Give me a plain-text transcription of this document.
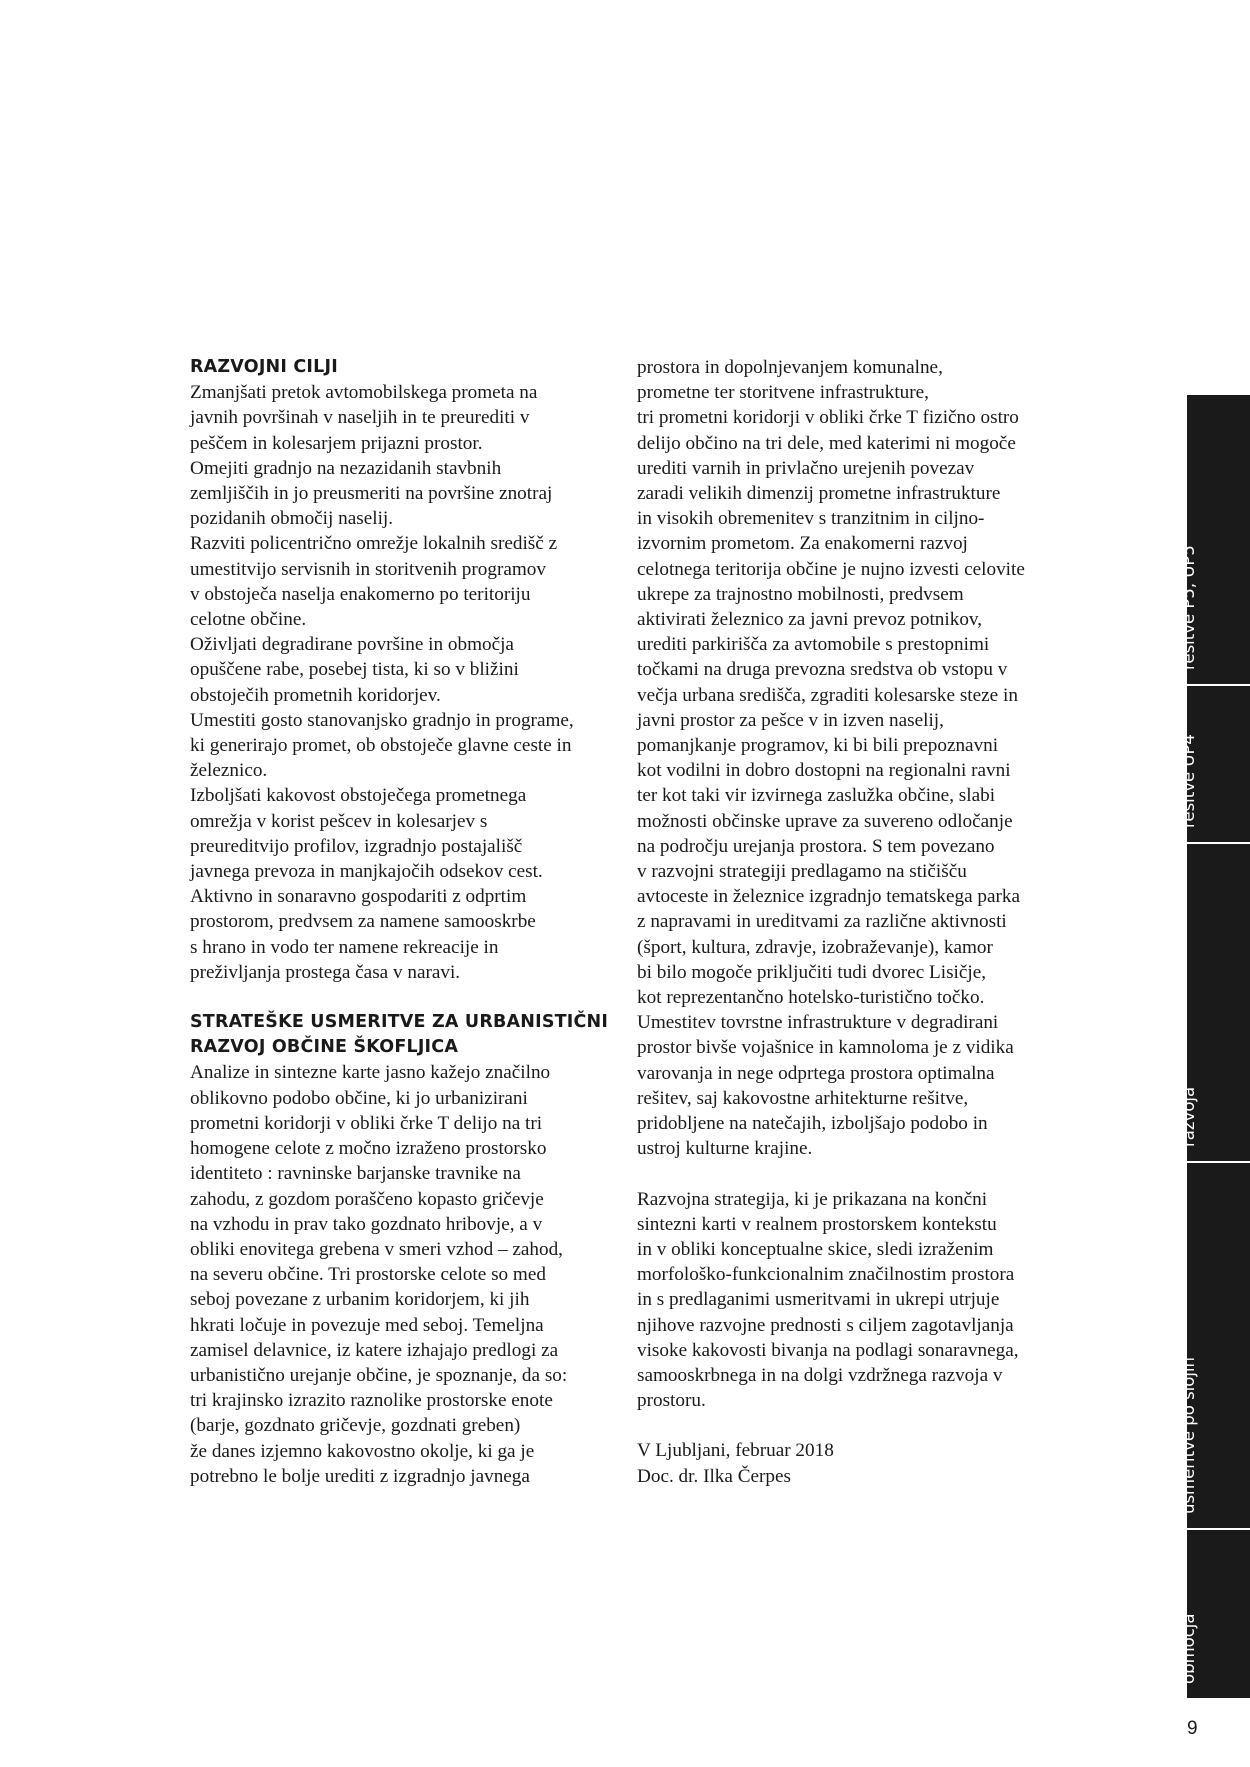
RAZVOJNI CILJI
Zmanjšati pretok avtomobilskega prometa na
javnih površinah v naseljih in te preurediti v
peščem in kolesarjem prijazni prostor.
Omejiti gradnjo na nezazidanih stavbnih
zemljiščih in jo preusmeriti na površine znotraj
pozidanih območij naselij.
Razviti policentrično omrežje lokalnih središč z
umestitvijo servisnih in storitvenih programov
v obstoječa naselja enakomerno po teritoriju
celotne občine.
Oživljati degradirane površine in območja
opuščene rabe, posebej tista, ki so v bližini
obstoječih prometnih koridorjev.
Umestiti gosto stanovanjsko gradnjo in programe,
ki generirajo promet, ob obstoječe glavne ceste in
železnico.
Izboljšati kakovost obstoječega prometnega
omrežja v korist pešcev in kolesarjev s
preureditvijo profilov, izgradnjo postajališč
javnega prevoza in manjkajočih odsekov cest.
Aktivno in sonaravno gospodariti z odprtim
prostorom, predvsem za namene samooskrbe
s hrano in vodo ter namene rekreacije in
preživljanja prostega časa v naravi.
STRATEŠKE USMERITVE ZA URBANISTIČNI
RAZVOJ OBČINE ŠKOFLJICA
Analize in sintezne karte jasno kažejo značilno
oblikovno podobo občine, ki jo urbanizirani
prometni koridorji v obliki črke T delijo na tri
homogene celote z močno izraženo prostorsko
identiteto : ravninske barjanske travnike na
zahodu, z gozdom poraščeno kopasto gričevje
na vzhodu in prav tako gozdnato hribovje, a v
obliki enovitega grebena v smeri vzhod – zahod,
na severu občine. Tri prostorske celote so med
seboj povezane z urbanim koridorjem, ki jih
hkrati ločuje in povezuje med seboj. Temeljna
zamisel delavnice, iz katere izhajajo predlogi za
urbanistično urejanje občine, je spoznanje, da so:
tri krajinsko izrazito raznolike prostorske enote
(barje, gozdnato gričevje, gozdnati greben)
že danes izjemno kakovostno okolje, ki ga je
potrebno le bolje urediti z izgradnjo javnega
prostora in dopolnjevanjem komunalne,
prometne ter storitvene infrastrukture,
tri prometni koridorji v obliki črke T fizično ostro
delijo občino na tri dele, med katerimi ni mogoče
urediti varnih in privlačno urejenih povezav
zaradi velikih dimenzij prometne infrastrukture
in visokih obremenitev s tranzitnim in ciljno-
izvornim prometom. Za enakomerni razvoj
celotnega teritorija občine je nujno izvesti celovite
ukrepe za trajnostno mobilnosti, predvsem
aktivirati železnico za javni prevoz potnikov,
urediti parkirišča za avtomobile s prestopnimi
točkami na druga prevozna sredstva ob vstopu v
večja urbana središča, zgraditi kolesarske steze in
javni prostor za pešce v in izven naselij,
pomanjkanje programov, ki bi bili prepoznavni
kot vodilni in dobro dostopni na regionalni ravni
ter kot taki vir izvirnega zaslužka občine, slabi
možnosti občinske uprave za suvereno odločanje
na področju urejanja prostora. S tem povezano
v razvojni strategiji predlagamo na stičišču
avtoceste in železnice izgradnjo tematskega parka
z napravami in ureditvami za različne aktivnosti
(šport, kultura, zdravje, izobraževanje), kamor
bi bilo mogoče priključiti tudi dvorec Lisičje,
kot reprezentančno hotelsko-turistično točko.
Umestitev tovrstne infrastrukture v degradirani
prostor bivše vojašnice in kamnoloma je z vidika
varovanja in nege odprtega prostora optimalna
rešitev, saj kakovostne arhitekturne rešitve,
pridobljene na natečajih, izboljšajo podobo in
ustroj kulturne krajine.
Razvojna strategija, ki je prikazana na končni
sintezni karti v realnem prostorskem kontekstu
in v obliki konceptualne skice, sledi izraženim
morfološko-funkcionalnim značilnostim prostora
in s predlaganimi usmeritvami in ukrepi utrjuje
njihove razvojne prednosti s ciljem zagotavljanja
visoke kakovosti bivanja na podlagi sonaravnega,
samooskrbnega in na dolgi vzdržnega razvoja v
prostoru.
V Ljubljani, februar 2018
Doc. dr. Ilka Čerpes
Arhitekturno-urbanistične rešitve P5, UP5
Urbanistične rešitve UP4
Strategija urbanističnega razvoja
Urbanistične analize in razvojne usmeritve po slojih
Fotoanaliza območja
9
